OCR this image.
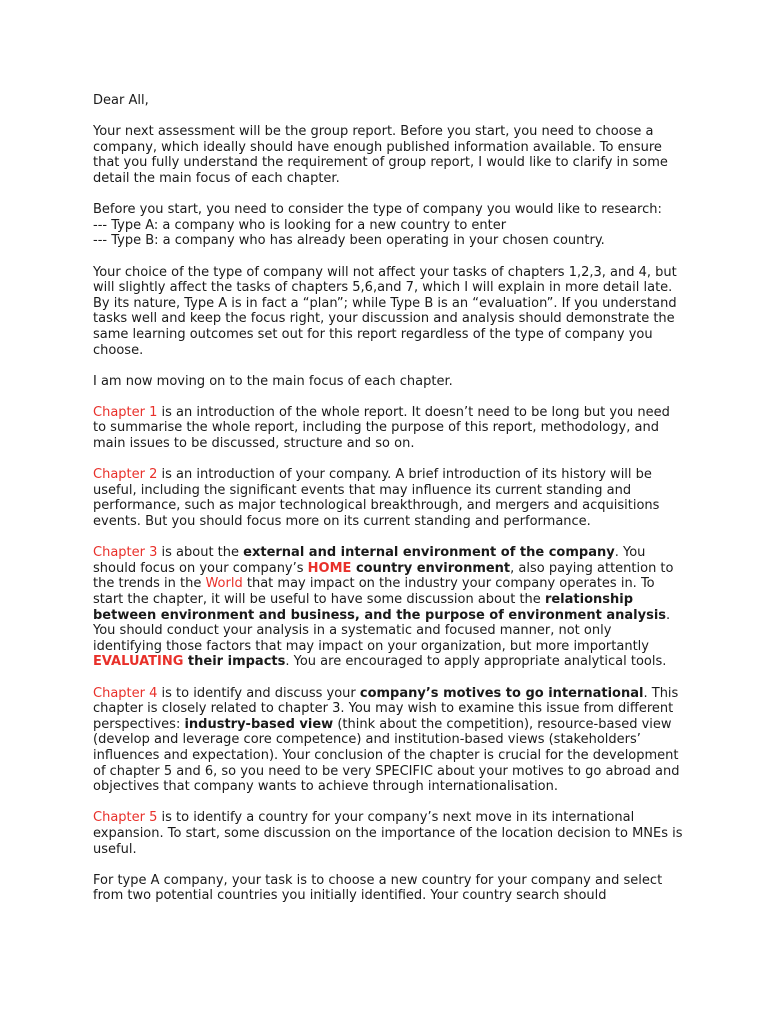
Dear All,

Your next assessment will be the group report. Before you start, you need to choose a company, which ideally should have enough published information available. To ensure that you fully understand the requirement of group report, I would like to clarify in some detail the main focus of each chapter.

Before you start, you need to consider the type of company you would like to research:
--- Type A: a company who is looking for a new country to enter
--- Type B: a company who has already been operating in your chosen country.

Your choice of the type of company will not affect your tasks of chapters 1,2,3, and 4, but will slightly affect the tasks of chapters 5,6,and 7, which I will explain in more detail late. By its nature, Type A is in fact a “plan”; while Type B is an “evaluation”. If you understand tasks well and keep the focus right, your discussion and analysis should demonstrate the same learning outcomes set out for this report regardless of the type of company you choose.

I am now moving on to the main focus of each chapter.

Chapter 1 is an introduction of the whole report. It doesn’t need to be long but you need to summarise the whole report, including the purpose of this report, methodology, and main issues to be discussed, structure and so on.

Chapter 2 is an introduction of your company. A brief introduction of its history will be useful, including the significant events that may influence its current standing and performance, such as major technological breakthrough, and mergers and acquisitions events. But you should focus more on its current standing and performance.

Chapter 3 is about the external and internal environment of the company. You should focus on your company’s HOME country environment, also paying attention to the trends in the World that may impact on the industry your company operates in. To start the chapter, it will be useful to have some discussion about the relationship between environment and business, and the purpose of environment analysis. You should conduct your analysis in a systematic and focused manner, not only identifying those factors that may impact on your organization, but more importantly EVALUATING their impacts. You are encouraged to apply appropriate analytical tools.

Chapter 4 is to identify and discuss your company’s motives to go international. This chapter is closely related to chapter 3. You may wish to examine this issue from different perspectives: industry-based view (think about the competition), resource-based view (develop and leverage core competence) and institution-based views (stakeholders’ influences and expectation). Your conclusion of the chapter is crucial for the development of chapter 5 and 6, so you need to be very SPECIFIC about your motives to go abroad and objectives that company wants to achieve through internationalisation.

Chapter 5 is to identify a country for your company’s next move in its international expansion. To start, some discussion on the importance of the location decision to MNEs is useful.

For type A company, your task is to choose a new country for your company and select from two potential countries you initially identified. Your country search should
